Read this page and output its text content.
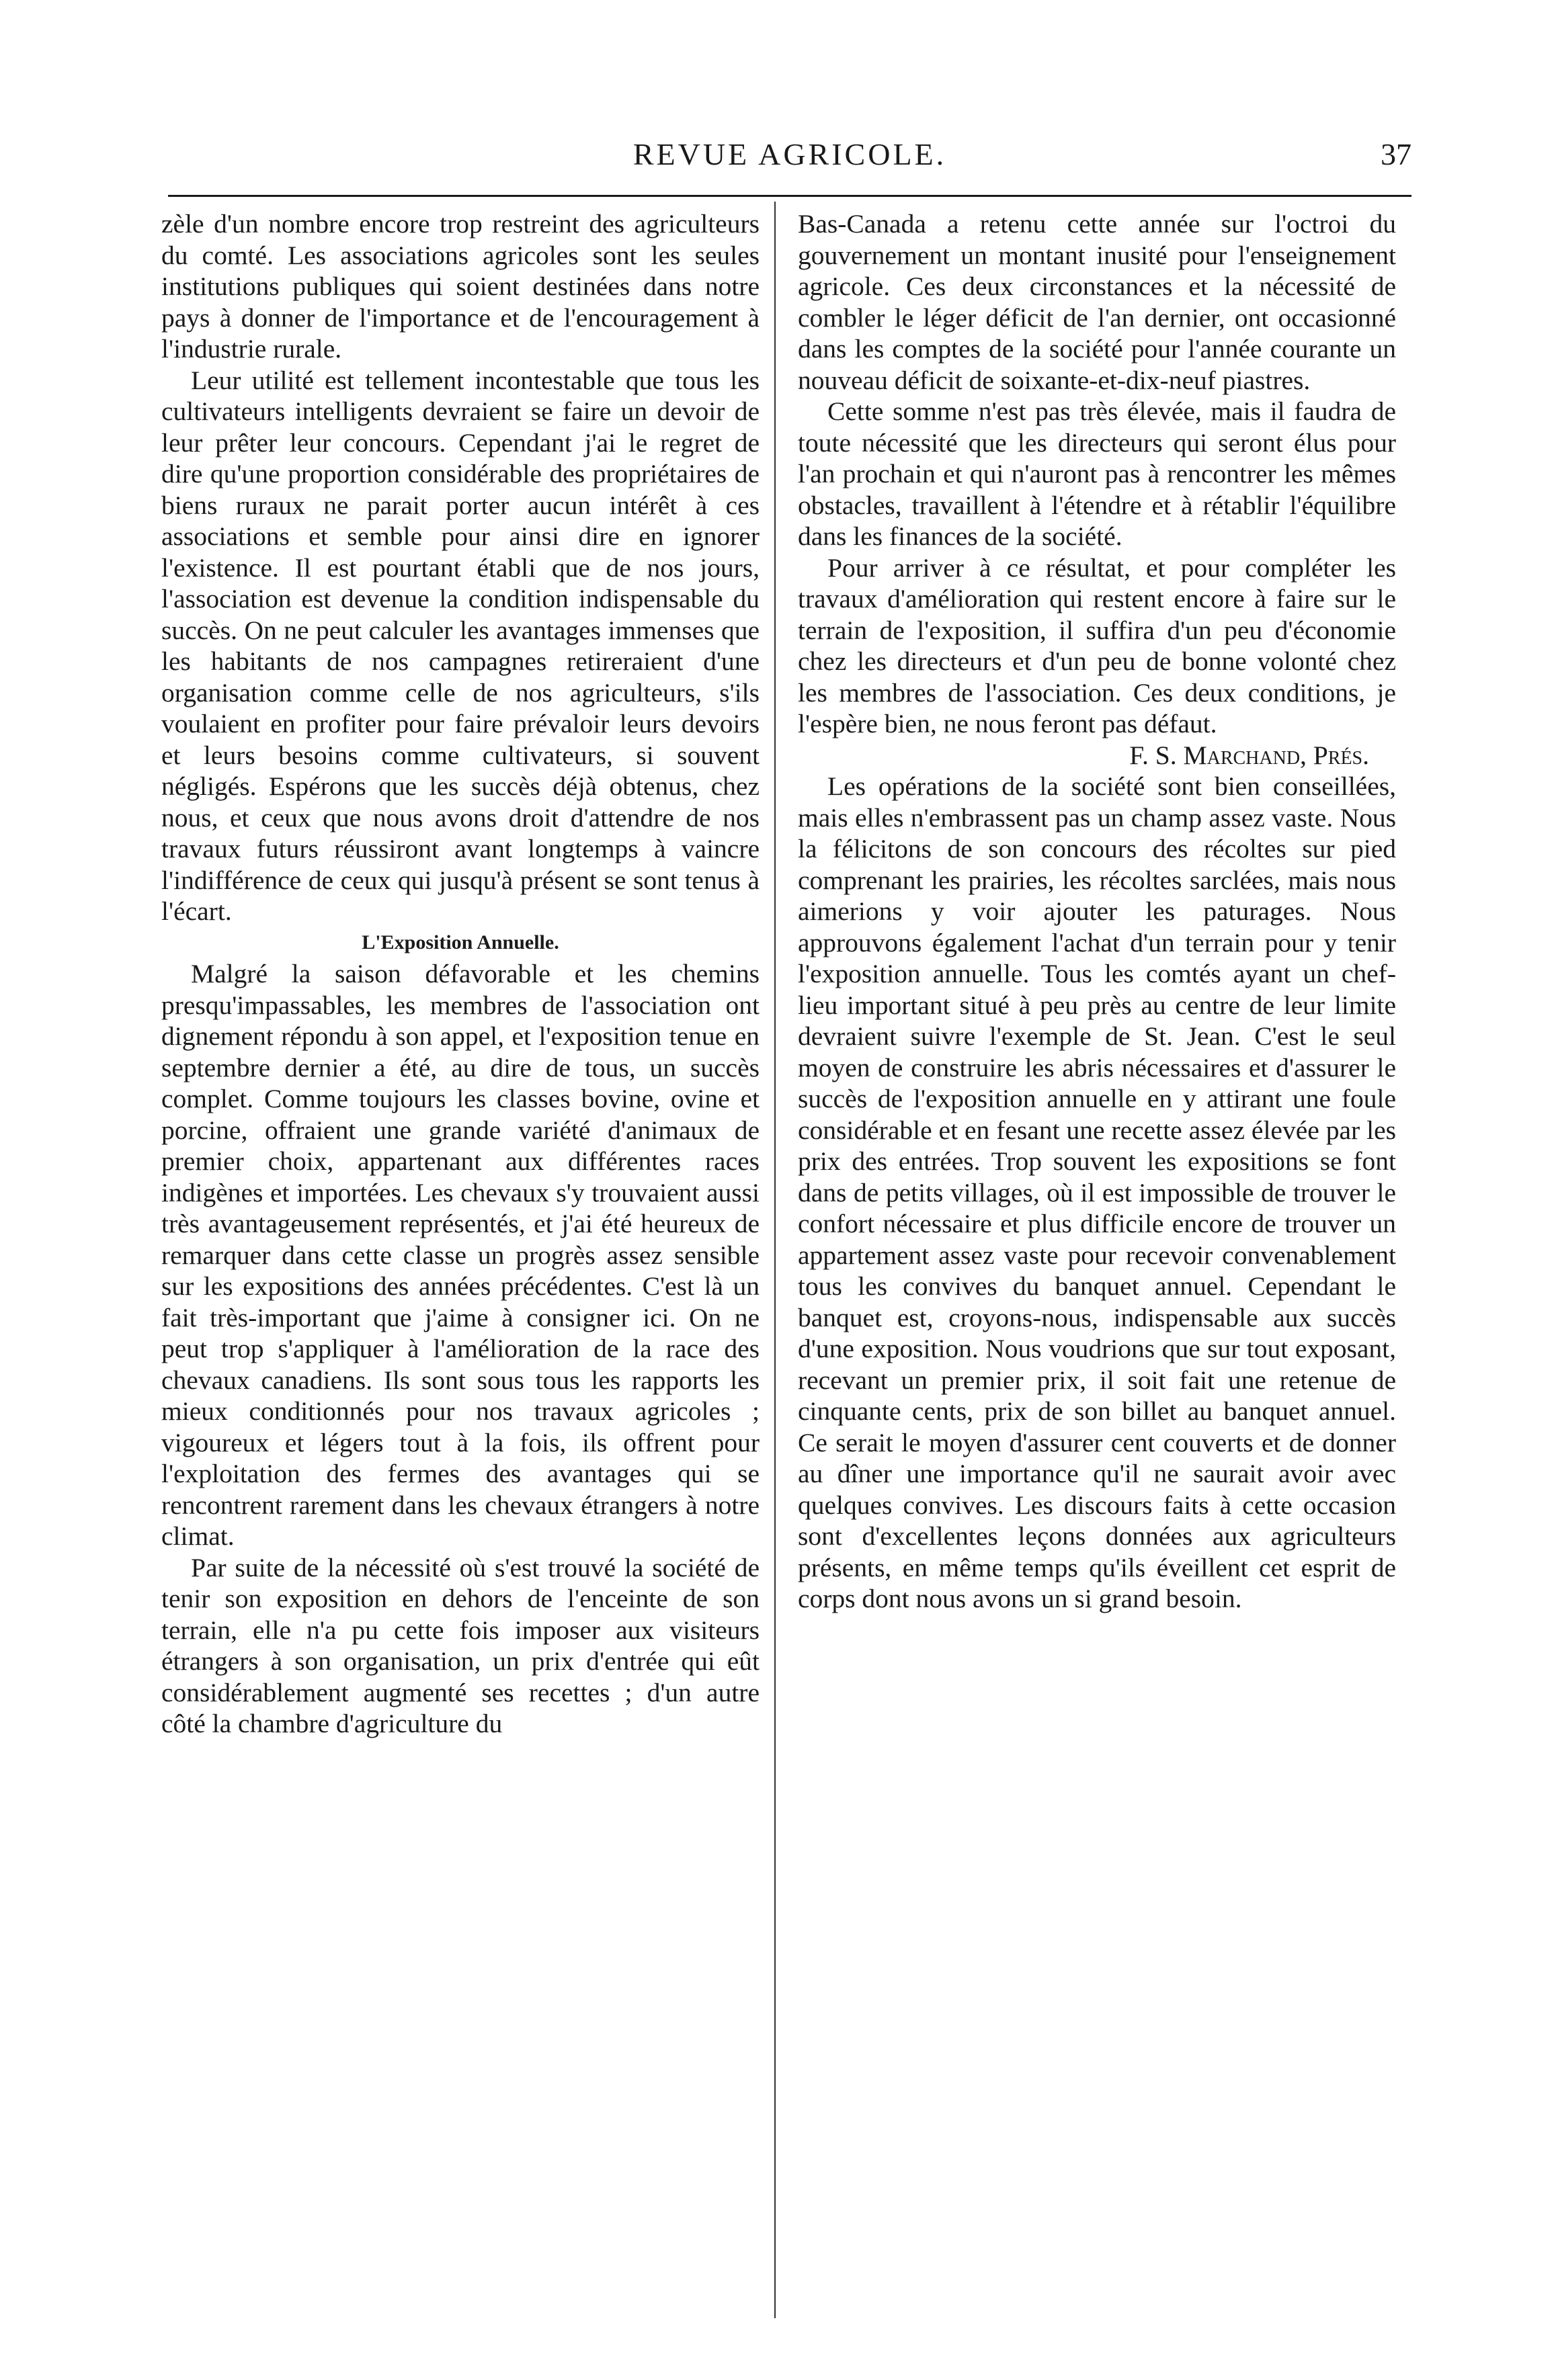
REVUE AGRICOLE.	37

zèle d'un nombre encore trop restreint des agriculteurs du comté. Les associations agricoles sont les seules institutions publiques qui soient destinées dans notre pays à donner de l'importance et de l'encouragement à l'industrie rurale.

Leur utilité est tellement incontestable que tous les cultivateurs intelligents devraient se faire un devoir de leur prêter leur concours. Cependant j'ai le regret de dire qu'une proportion considérable des propriétaires de biens ruraux ne parait porter aucun intérêt à ces associations et semble pour ainsi dire en ignorer l'existence. Il est pourtant établi que de nos jours, l'association est devenue la condition indispensable du succès. On ne peut calculer les avantages immenses que les habitants de nos campagnes retireraient d'une organisation comme celle de nos agriculteurs, s'ils voulaient en profiter pour faire prévaloir leurs devoirs et leurs besoins comme cultivateurs, si souvent négligés. Espérons que les succès déjà obtenus, chez nous, et ceux que nous avons droit d'attendre de nos travaux futurs réussiront avant longtemps à vaincre l'indifférence de ceux qui jusqu'à présent se sont tenus à l'écart.

L'Exposition Annuelle.

Malgré la saison défavorable et les chemins presqu'impassables, les membres de l'association ont dignement répondu à son appel, et l'exposition tenue en septembre dernier a été, au dire de tous, un succès complet. Comme toujours les classes bovine, ovine et porcine, offraient une grande variété d'animaux de premier choix, appartenant aux différentes races indigènes et importées. Les chevaux s'y trouvaient aussi très avantageusement représentés, et j'ai été heureux de remarquer dans cette classe un progrès assez sensible sur les expositions des années précédentes. C'est là un fait très-important que j'aime à consigner ici. On ne peut trop s'appliquer à l'amélioration de la race des chevaux canadiens. Ils sont sous tous les rapports les mieux conditionnés pour nos travaux agricoles ; vigoureux et légers tout à la fois, ils offrent pour l'exploitation des fermes des avantages qui se rencontrent rarement dans les chevaux étrangers à notre climat.

Par suite de la nécessité où s'est trouvé la société de tenir son exposition en dehors de l'enceinte de son terrain, elle n'a pu cette fois imposer aux visiteurs étrangers à son organisation, un prix d'entrée qui eût considérablement augmenté ses recettes ; d'un autre côté la chambre d'agriculture du

Bas-Canada a retenu cette année sur l'octroi du gouvernement un montant inusité pour l'enseignement agricole. Ces deux circonstances et la nécessité de combler le léger déficit de l'an dernier, ont occasionné dans les comptes de la société pour l'année courante un nouveau déficit de soixante-et-dix-neuf piastres.

Cette somme n'est pas très élevée, mais il faudra de toute nécessité que les directeurs qui seront élus pour l'an prochain et qui n'auront pas à rencontrer les mêmes obstacles, travaillent à l'étendre et à rétablir l'équilibre dans les finances de la société.

Pour arriver à ce résultat, et pour compléter les travaux d'amélioration qui restent encore à faire sur le terrain de l'exposition, il suffira d'un peu d'économie chez les directeurs et d'un peu de bonne volonté chez les membres de l'association. Ces deux conditions, je l'espère bien, ne nous feront pas défaut.

F. S. Marchand, Prés.

Les opérations de la société sont bien conseillées, mais elles n'embrassent pas un champ assez vaste. Nous la félicitons de son concours des récoltes sur pied comprenant les prairies, les récoltes sarclées, mais nous aimerions y voir ajouter les paturages. Nous approuvons également l'achat d'un terrain pour y tenir l'exposition annuelle. Tous les comtés ayant un chef-lieu important situé à peu près au centre de leur limite devraient suivre l'exemple de St. Jean. C'est le seul moyen de construire les abris nécessaires et d'assurer le succès de l'exposition annuelle en y attirant une foule considérable et en fesant une recette assez élevée par les prix des entrées. Trop souvent les expositions se font dans de petits villages, où il est impossible de trouver le confort nécessaire et plus difficile encore de trouver un appartement assez vaste pour recevoir convenablement tous les convives du banquet annuel. Cependant le banquet est, croyons-nous, indispensable aux succès d'une exposition. Nous voudrions que sur tout exposant, recevant un premier prix, il soit fait une retenue de cinquante cents, prix de son billet au banquet annuel. Ce serait le moyen d'assurer cent couverts et de donner au dîner une importance qu'il ne saurait avoir avec quelques convives. Les discours faits à cette occasion sont d'excellentes leçons données aux agriculteurs présents, en même temps qu'ils éveillent cet esprit de corps dont nous avons un si grand besoin.
